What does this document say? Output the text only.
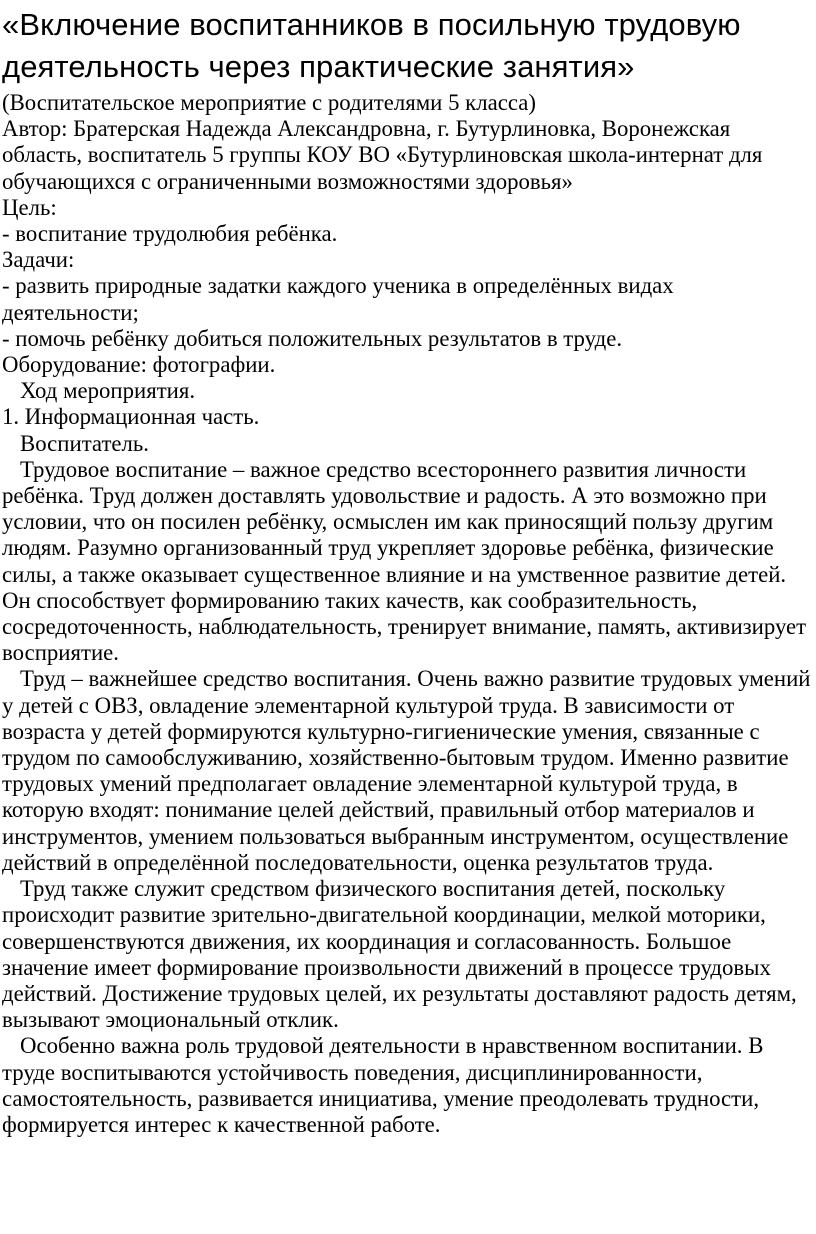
«Включение воспитанников в посильную трудовую деятельность через практические занятия»

(Воспитательское мероприятие с родителями 5 класса)

Автор: Братерская Надежда Александровна, г. Бутурлиновка, Воронежская область, воспитатель 5 группы КОУ ВО «Бутурлиновская школа-интернат для обучающихся с ограниченными возможностями здоровья»

Цель:

- воспитание трудолюбия ребёнка.

Задачи:

- развить природные задатки каждого ученика в определённых видах деятельности;

- помочь ребёнку добиться положительных результатов в труде.

Оборудование: фотографии.

Ход мероприятия.

1. Информационная часть.

Воспитатель.

Трудовое воспитание – важное средство всестороннего развития личности ребёнка. Труд должен доставлять удовольствие и радость. А это возможно при условии, что он посилен ребёнку, осмыслен им как приносящий пользу другим людям. Разумно организованный труд укрепляет здоровье ребёнка, физические силы, а также оказывает существенное влияние и на умственное развитие детей. Он способствует формированию таких качеств, как сообразительность, сосредоточенность, наблюдательность, тренирует внимание, память, активизирует восприятие.

Труд – важнейшее средство воспитания. Очень важно развитие трудовых умений у детей с ОВЗ, овладение элементарной культурой труда. В зависимости от возраста у детей формируются культурно-гигиенические умения, связанные с трудом по самообслуживанию, хозяйственно-бытовым трудом. Именно развитие трудовых умений предполагает овладение элементарной культурой труда, в которую входят: понимание целей действий, правильный отбор материалов и инструментов, умением пользоваться выбранным инструментом, осуществление действий в определённой последовательности, оценка результатов труда.

Труд также служит средством физического воспитания детей, поскольку происходит развитие зрительно-двигательной координации, мелкой моторики, совершенствуются движения, их координация и согласованность. Большое значение имеет формирование произвольности движений в процессе трудовых действий. Достижение трудовых целей, их результаты доставляют радость детям, вызывают эмоциональный отклик.

Особенно важна роль трудовой деятельности в нравственном воспитании. В труде воспитываются устойчивость поведения, дисциплинированности, самостоятельность, развивается инициатива, умение преодолевать трудности, формируется интерес к качественной работе.
